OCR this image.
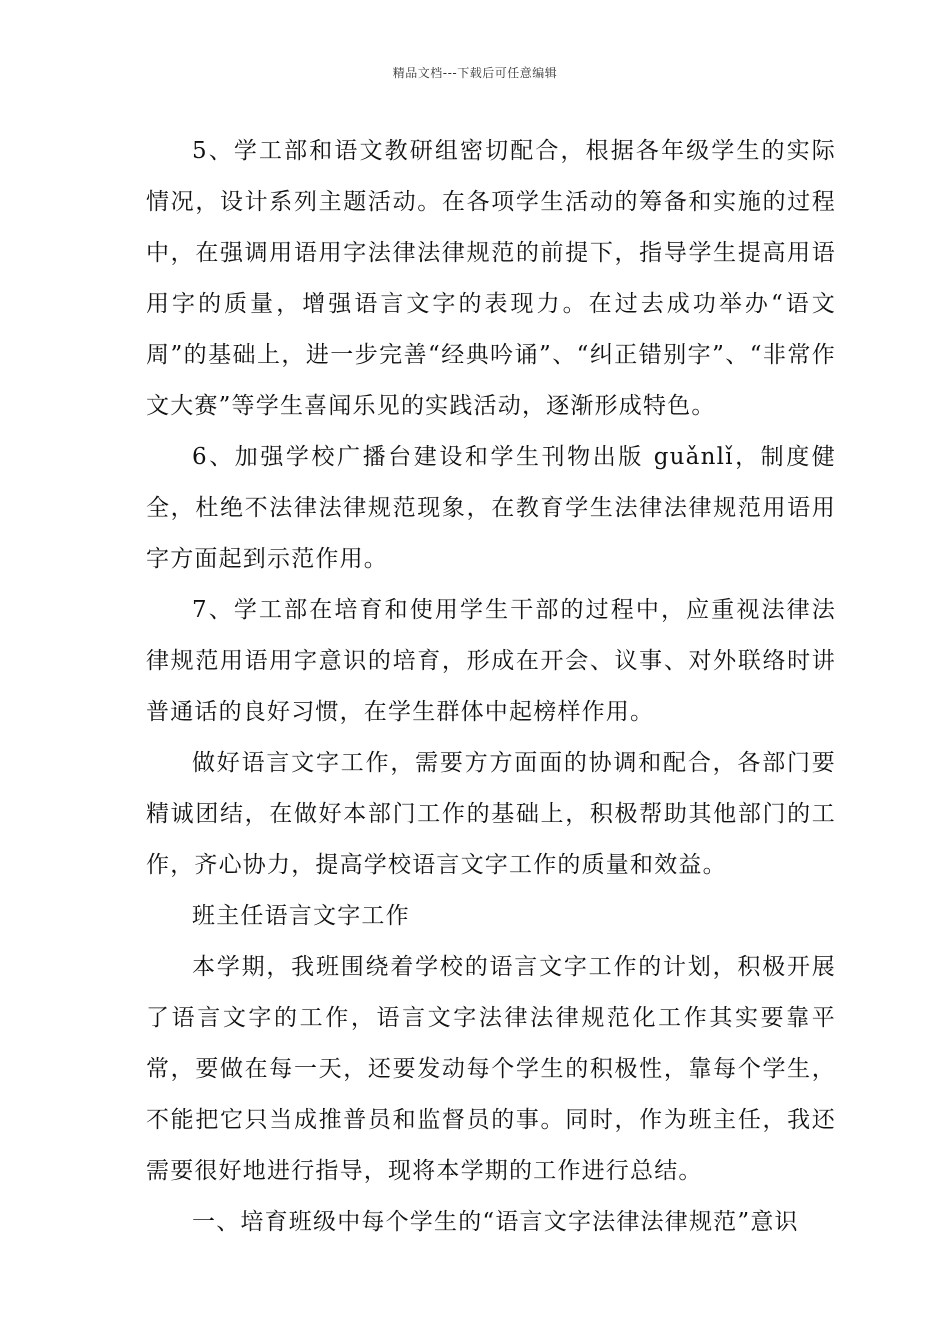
精品文档---下载后可任意编辑

5、学工部和语文教研组密切配合，根据各年级学生的实际情况，设计系列主题活动。在各项学生活动的筹备和实施的过程中，在强调用语用字法律法律规范的前提下，指导学生提高用语用字的质量，增强语言文字的表现力。在过去成功举办“语文周”的基础上，进一步完善“经典吟诵”、“纠正错别字”、“非常作文大赛”等学生喜闻乐见的实践活动，逐渐形成特色。

6、加强学校广播台建设和学生刊物出版 guǎnlǐ，制度健全，杜绝不法律法律规范现象，在教育学生法律法律规范用语用字方面起到示范作用。

7、学工部在培育和使用学生干部的过程中，应重视法律法律规范用语用字意识的培育，形成在开会、议事、对外联络时讲普通话的良好习惯，在学生群体中起榜样作用。

做好语言文字工作，需要方方面面的协调和配合，各部门要精诚团结，在做好本部门工作的基础上，积极帮助其他部门的工作，齐心协力，提高学校语言文字工作的质量和效益。

班主任语言文字工作

本学期，我班围绕着学校的语言文字工作的计划，积极开展了语言文字的工作，语言文字法律法律规范化工作其实要靠平常，要做在每一天，还要发动每个学生的积极性，靠每个学生，不能把它只当成推普员和监督员的事。同时，作为班主任，我还需要很好地进行指导，现将本学期的工作进行总结。

一、培育班级中每个学生的“语言文字法律法律规范”意识
